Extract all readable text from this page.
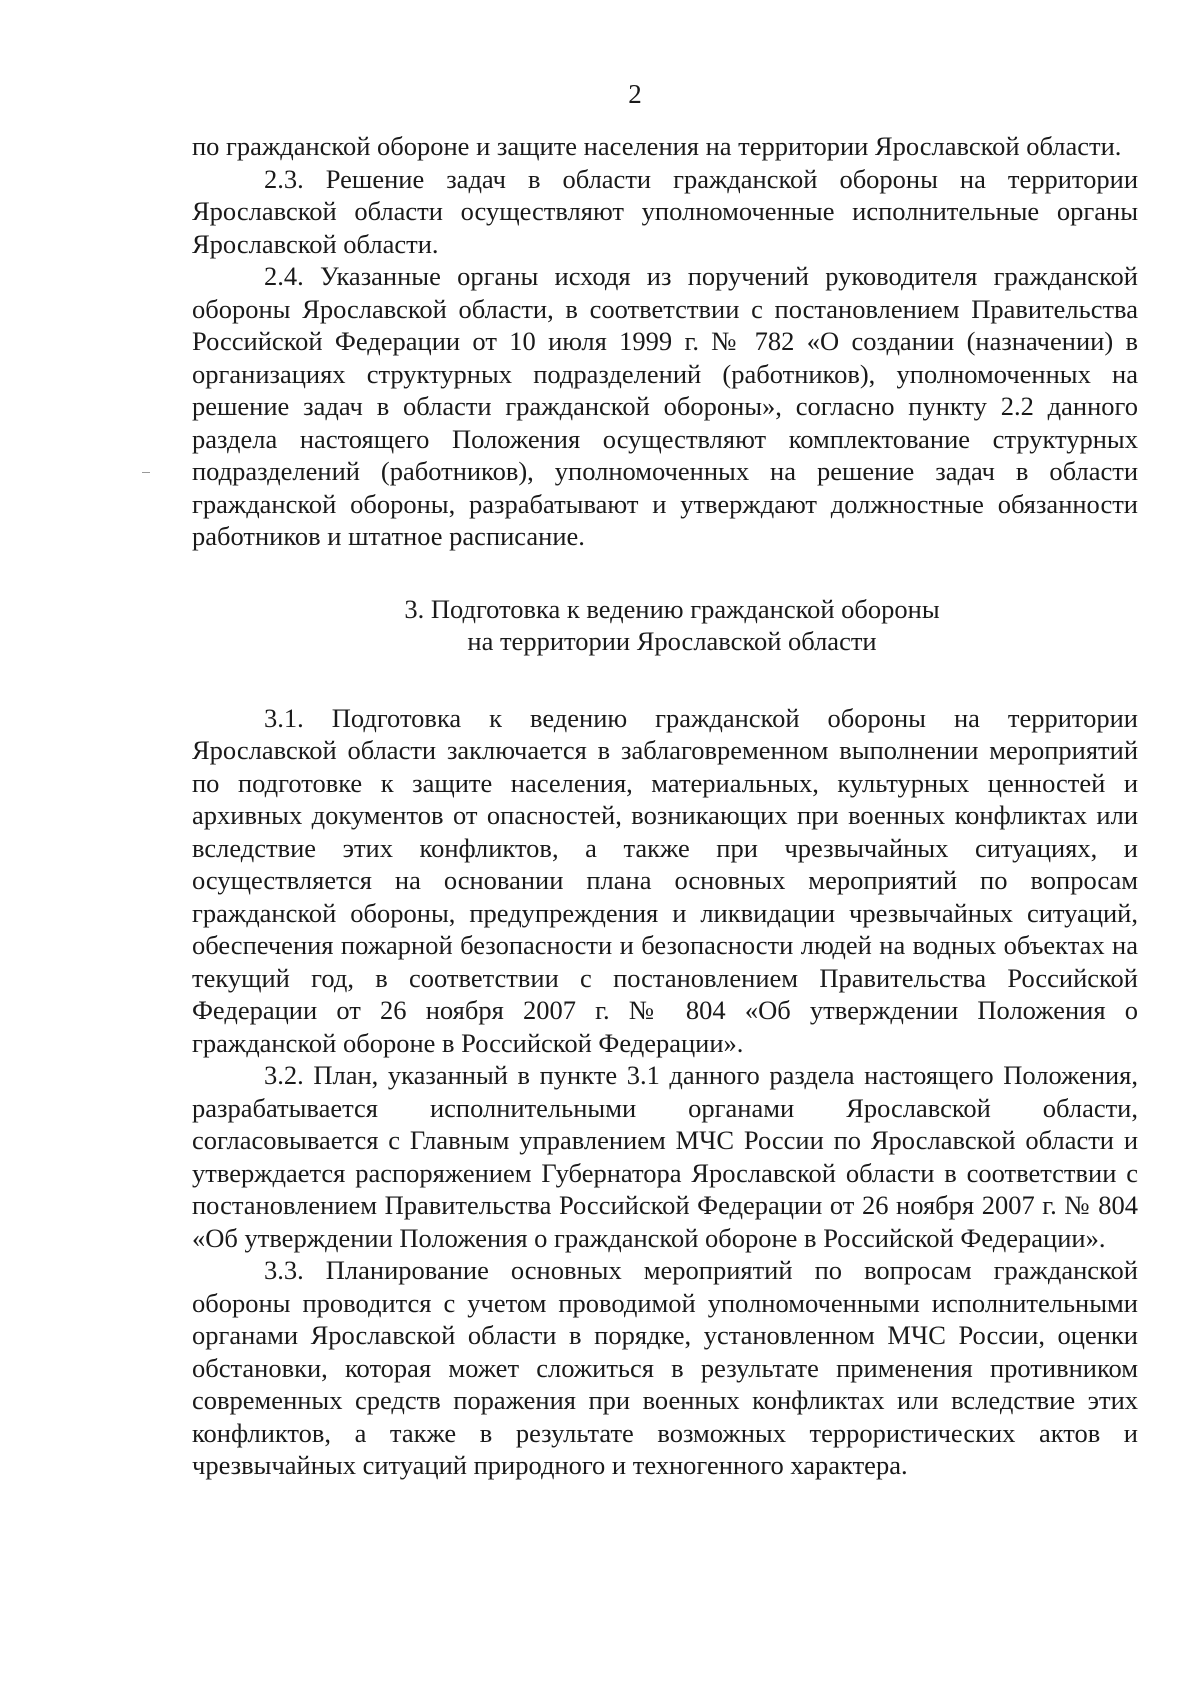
2

по гражданской обороне и защите населения на территории Ярославской области.

2.3. Решение задач в области гражданской обороны на территории Ярославской области осуществляют уполномоченные исполнительные органы Ярославской области.

2.4. Указанные органы исходя из поручений руководителя гражданской обороны Ярославской области, в соответствии с постановлением Правительства Российской Федерации от 10 июля 1999 г. № 782 «О создании (назначении) в организациях структурных подразделений (работников), уполномоченных на решение задач в области гражданской обороны», согласно пункту 2.2 данного раздела настоящего Положения осуществляют комплектование структурных подразделений (работников), уполномоченных на решение задач в области гражданской обороны, разрабатывают и утверждают должностные обязанности работников и штатное расписание.

3. Подготовка к ведению гражданской обороны
на территории Ярославской области

3.1. Подготовка к ведению гражданской обороны на территории Ярославской области заключается в заблаговременном выполнении мероприятий по подготовке к защите населения, материальных, культурных ценностей и архивных документов от опасностей, возникающих при военных конфликтах или вследствие этих конфликтов, а также при чрезвычайных ситуациях, и осуществляется на основании плана основных мероприятий по вопросам гражданской обороны, предупреждения и ликвидации чрезвычайных ситуаций, обеспечения пожарной безопасности и безопасности людей на водных объектах на текущий год, в соответствии с постановлением Правительства Российской Федерации от 26 ноября 2007 г. № 804 «Об утверждении Положения о гражданской обороне в Российской Федерации».

3.2. План, указанный в пункте 3.1 данного раздела настоящего Положения, разрабатывается исполнительными органами Ярославской области, согласовывается с Главным управлением МЧС России по Ярославской области и утверждается распоряжением Губернатора Ярославской области в соответствии с постановлением Правительства Российской Федерации от 26 ноября 2007 г. № 804 «Об утверждении Положения о гражданской обороне в Российской Федерации».

3.3. Планирование основных мероприятий по вопросам гражданской обороны проводится с учетом проводимой уполномоченными исполнительными органами Ярославской области в порядке, установленном МЧС России, оценки обстановки, которая может сложиться в результате применения противником современных средств поражения при военных конфликтах или вследствие этих конфликтов, а также в результате возможных террористических актов и чрезвычайных ситуаций природного и техногенного характера.
